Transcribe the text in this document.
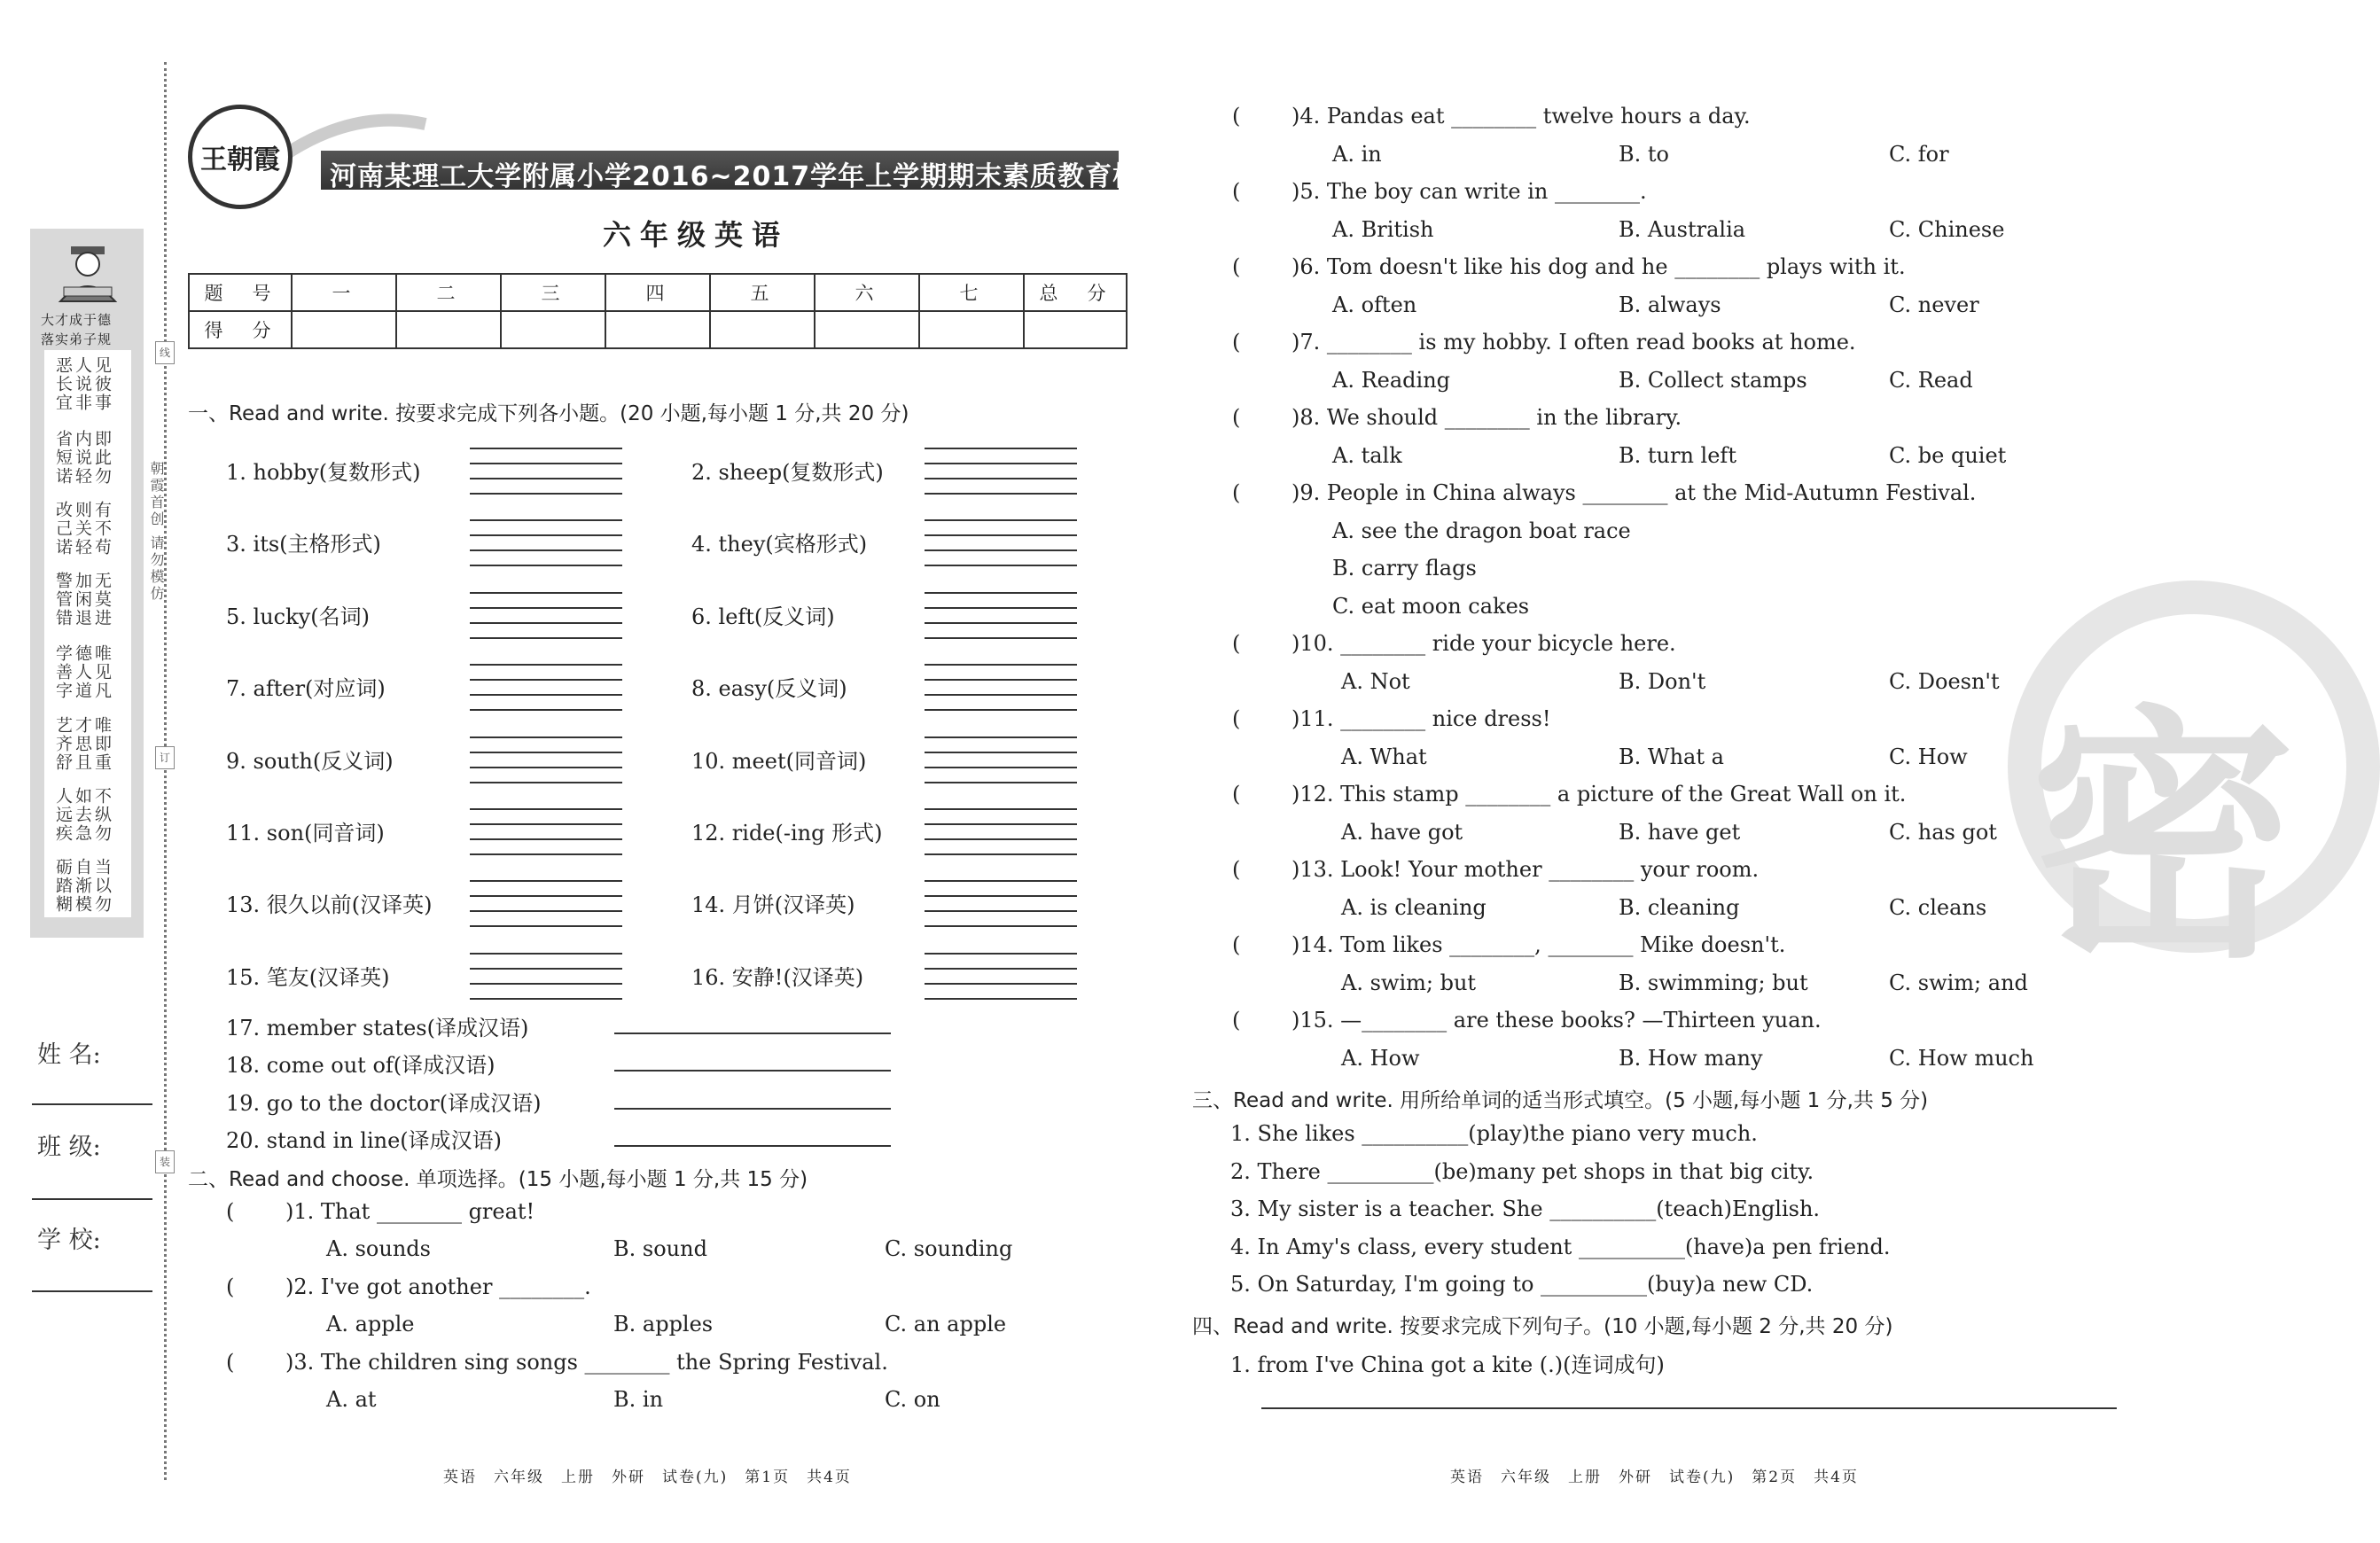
大才成于德
落实弟子规
见彼事人说非恶长宜
即此勿内说轻省短诺
有不苟则关轻改己诺
无莫进加闲退警管错
唯见凡德人道学善字
唯即重才思且艺齐舒
不纵勿如去急人远疾
当以勿自渐模砺踏糊
朝霞首创 请勿模仿
线
订
装
姓 名:
班 级:
学 校:
王朝霞
河南某理工大学附属小学2016~2017学年上学期期末素质教育检测试卷
六年级英语
题　号	一	二	三	四	五	六	七	总　分
得　分								
一、Read and write. 按要求完成下列各小题。(20 小题,每小题 1 分,共 20 分)
1. hobby(复数形式)	2. sheep(复数形式)
3. its(主格形式)	4. they(宾格形式)
5. lucky(名词)	6. left(反义词)
7. after(对应词)	8. easy(反义词)
9. south(反义词)	10. meet(同音词)
11. son(同音词)	12. ride(-ing 形式)
13. 很久以前(汉译英)	14. 月饼(汉译英)
15. 笔友(汉译英)	16. 安静!(汉译英)
17. member states(译成汉语)
18. come out of(译成汉语)
19. go to the doctor(译成汉语)
20. stand in line(译成汉语)
二、Read and choose. 单项选择。(15 小题,每小题 1 分,共 15 分)
( )1. That ________ great!
A. sounds	B. sound	C. sounding
( )2. I've got another ________.
A. apple	B. apples	C. an apple
( )3. The children sing songs ________ the Spring Festival.
A. at	B. in	C. on
英语　六年级　上册　外研　试卷(九)　第1页　共4页
密
( )4. Pandas eat ________ twelve hours a day.
A. in	B. to	C. for
( )5. The boy can write in ________.
A. British	B. Australia	C. Chinese
( )6. Tom doesn't like his dog and he ________ plays with it.
A. often	B. always	C. never
( )7. ________ is my hobby. I often read books at home.
A. Reading	B. Collect stamps	C. Read
( )8. We should ________ in the library.
A. talk	B. turn left	C. be quiet
( )9. People in China always ________ at the Mid-Autumn Festival.
A. see the dragon boat race
B. carry flags
C. eat moon cakes
( )10. ________ ride your bicycle here.
A. Not	B. Don't	C. Doesn't
( )11. ________ nice dress!
A. What	B. What a	C. How
( )12. This stamp ________ a picture of the Great Wall on it.
A. have got	B. have get	C. has got
( )13. Look! Your mother ________ your room.
A. is cleaning	B. cleaning	C. cleans
( )14. Tom likes ________, ________ Mike doesn't.
A. swim; but	B. swimming; but	C. swim; and
( )15. —________ are these books? —Thirteen yuan.
A. How	B. How many	C. How much
三、Read and write. 用所给单词的适当形式填空。(5 小题,每小题 1 分,共 5 分)
1. She likes __________(play)the piano very much.
2. There __________(be)many pet shops in that big city.
3. My sister is a teacher. She __________(teach)English.
4. In Amy's class, every student __________(have)a pen friend.
5. On Saturday, I'm going to __________(buy)a new CD.
四、Read and write. 按要求完成下列句子。(10 小题,每小题 2 分,共 20 分)
1. from I've China got a kite (.)(连词成句)
英语　六年级　上册　外研　试卷(九)　第2页　共4页
